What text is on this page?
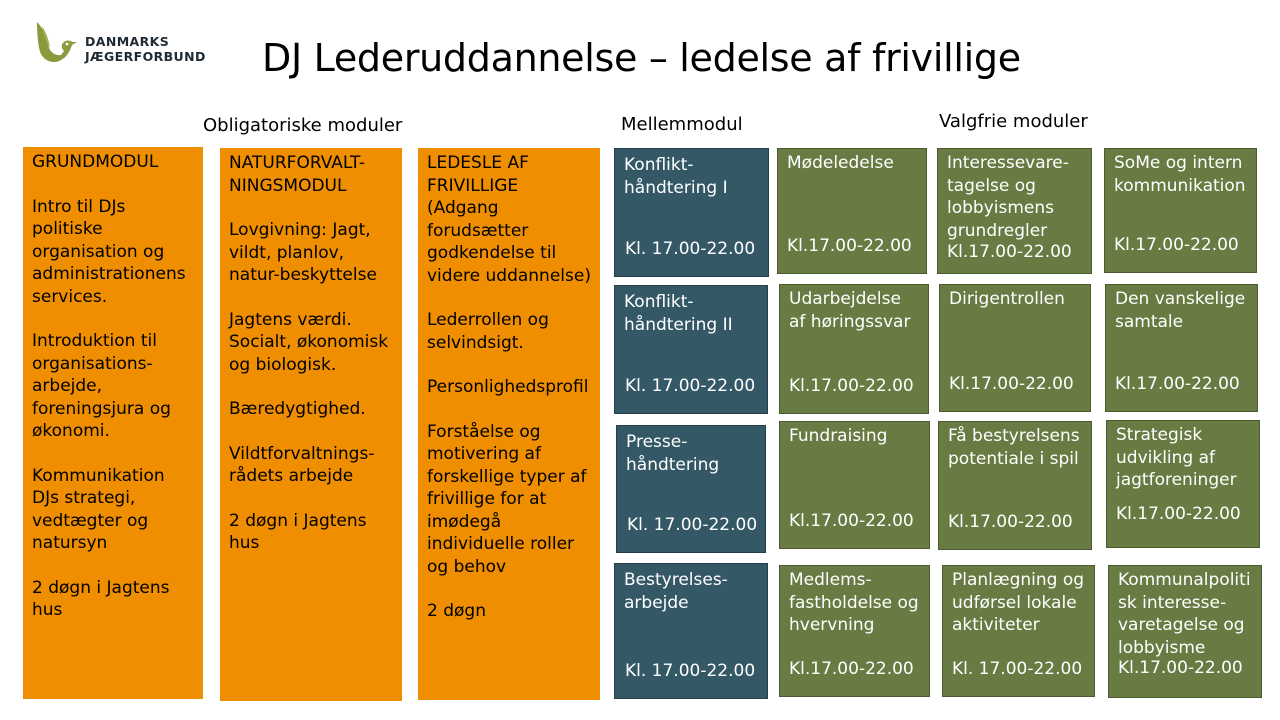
DANMARKS
JÆGERFORBUND DJ Lederuddannelse – ledelse af frivillige
Obligatoriske moduler	Mellemmodul	Valgfrie moduler
GRUNDMODUL
Intro til DJs
politiske
organisation og
administrationens
services.
Introduktion til
organisations-
arbejde,
foreningsjura og
økonomi.
Kommunikation
DJs strategi,
vedtægter og
natursyn
2 døgn i Jagtens
hus
NATURFORVALT-
NINGSMODUL
Lovgivning: Jagt,
vildt, planlov,
natur-beskyttelse
Jagtens værdi.
Socialt, økonomisk
og biologisk.
Bæredygtighed.
Vildtforvaltnings-
rådets arbejde
2 døgn i Jagtens
hus
LEDESLE AF
FRIVILLIGE
(Adgang
forudsætter
godkendelse til
videre uddannelse)
Lederrollen og
selvindsigt.
Personlighedsprofil
Forståelse og
motivering af
forskellige typer af
frivillige for at
imødegå
individuelle roller
og behov
2 døgn
Konflikt-
håndtering I
Kl. 17.00-22.00
Konflikt-
håndtering II
Kl. 17.00-22.00
Presse-
håndtering
Kl. 17.00-22.00
Bestyrelses-
arbejde
Kl. 17.00-22.00
Mødeledelse
Kl.17.00-22.00
Interessevare-
tagelse og
lobbyismens
grundregler
Kl.17.00-22.00
SoMe og intern
kommunikation
Kl.17.00-22.00
Udarbejdelse
af høringssvar
Kl.17.00-22.00
Dirigentrollen
Kl.17.00-22.00
Den vanskelige
samtale
Kl.17.00-22.00
Fundraising
Kl.17.00-22.00
Få bestyrelsens
potentiale i spil
Kl.17.00-22.00
Strategisk
udvikling af
jagtforeninger
Kl.17.00-22.00
Medlems-
fastholdelse og
hvervning
Kl.17.00-22.00
Planlægning og
udførsel lokale
aktiviteter
Kl. 17.00-22.00
Kommunalpoliti
sk interesse-
varetagelse og
lobbyisme
Kl.17.00-22.00
